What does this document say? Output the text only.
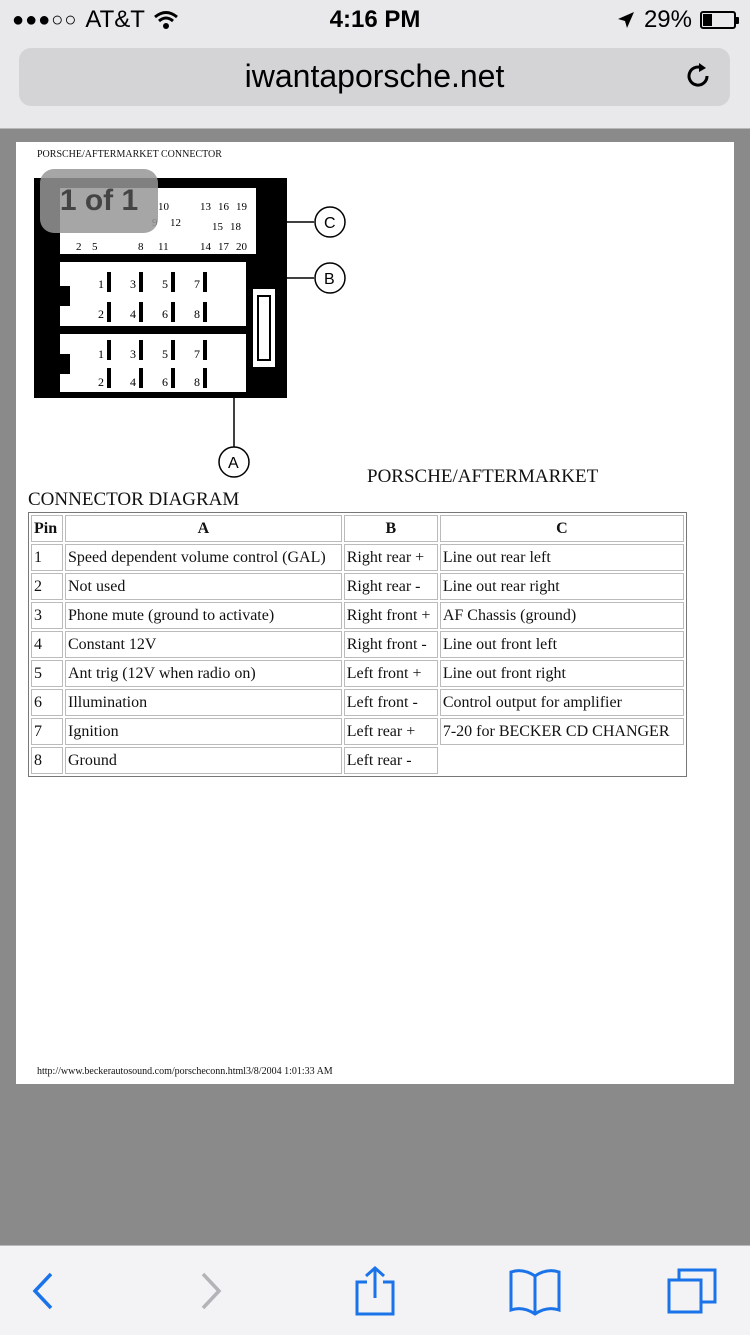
●●●○○ AT&T	4:16 PM	29%
iwantaporsche.net
PORSCHE/AFTERMARKET CONNECTOR
10
12
2 5	8 11
13 16 19
15 18
14 17 20
1 3 5 7
2 4 6 8
1 3 5 7
2 4 6 8
C
B
A
1 of 1
PORSCHE/AFTERMARKET
CONNECTOR DIAGRAM
Pin	A	B	C
1	Speed dependent volume control (GAL)	Right rear +	Line out rear left
2	Not used	Right rear -	Line out rear right
3	Phone mute (ground to activate)	Right front +	AF Chassis (ground)
4	Constant 12V	Right front -	Line out front left
5	Ant trig (12V when radio on)	Left front +	Line out front right
6	Illumination	Left front -	Control output for amplifier
7	Ignition	Left rear +	7-20 for BECKER CD CHANGER
8	Ground	Left rear -	
http://www.beckerautosound.com/porscheconn.html3/8/2004 1:01:33 AM
